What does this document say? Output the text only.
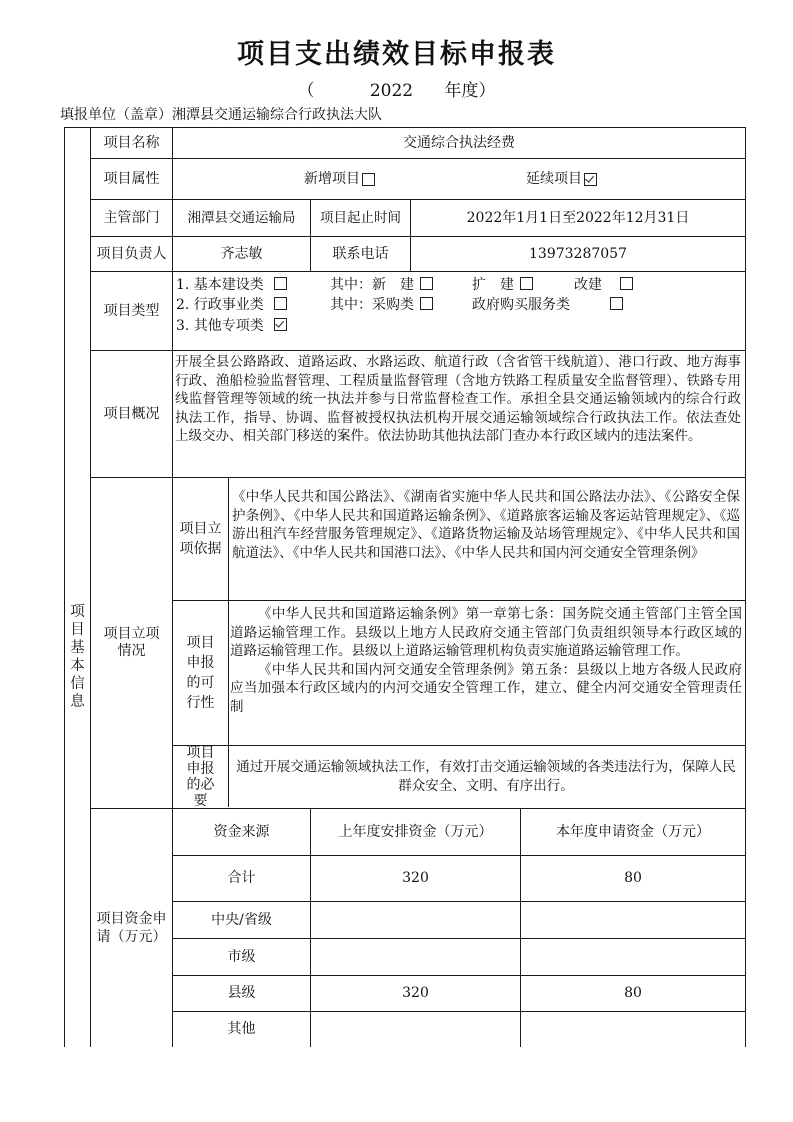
项目支出绩效目标申报表
（	2022 年度）
填报单位（盖章）湘潭县交通运输综合行政执法大队
项目基本信息
项目名称	交通综合执法经费
项目属性	新增项目	延续项目
主管部门	湘潭县交通运输局	项目起止时间	2022年1月1日至2022年12月31日
项目负责人	齐志敏	联系电话	13973287057
项目类型
1. 基本建设类	其中：新　建	扩　建	改建
2. 行政事业类	其中：采购类	政府购买服务类
3. 其他专项类
项目概况
开展全县公路路政、道路运政、水路运政、航道行政（含省管干线航道）、港口行政、地方海事行政、渔船检验监督管理、工程质量监督管理（含地方铁路工程质量安全监督管理）、铁路专用线监督管理等领域的统一执法并参与日常监督检查工作。承担全县交通运输领域内的综合行政执法工作，指导、协调、监督被授权执法机构开展交通运输领域综合行政执法工作。依法查处上级交办、相关部门移送的案件。依法协助其他执法部门查办本行政区域内的违法案件。
项目立项情况
项目立项依据
《中华人民共和国公路法》、《湖南省实施中华人民共和国公路法办法》、《公路安全保护条例》、《中华人民共和国道路运输条例》、《道路旅客运输及客运站管理规定》、《巡游出租汽车经营服务管理规定》、《道路货物运输及站场管理规定》、《中华人民共和国航道法》、《中华人民共和国港口法》、《中华人民共和国内河交通安全管理条例》
项目申报的可行性
《中华人民共和国道路运输条例》第一章第七条：国务院交通主管部门主管全国道路运输管理工作。县级以上地方人民政府交通主管部门负责组织领导本行政区域的道路运输管理工作。县级以上道路运输管理机构负责实施道路运输管理工作。
《中华人民共和国内河交通安全管理条例》第五条：县级以上地方各级人民政府应当加强本行政区域内的内河交通安全管理工作，建立、健全内河交通安全管理责任制
项目申报的必要
通过开展交通运输领域执法工作，有效打击交通运输领域的各类违法行为，保障人民群众安全、文明、有序出行。
项目资金申请（万元）
资金来源	上年度安排资金（万元）	本年度申请资金（万元）
合计	320	80
中央/省级
市级
县级	320	80
其他
